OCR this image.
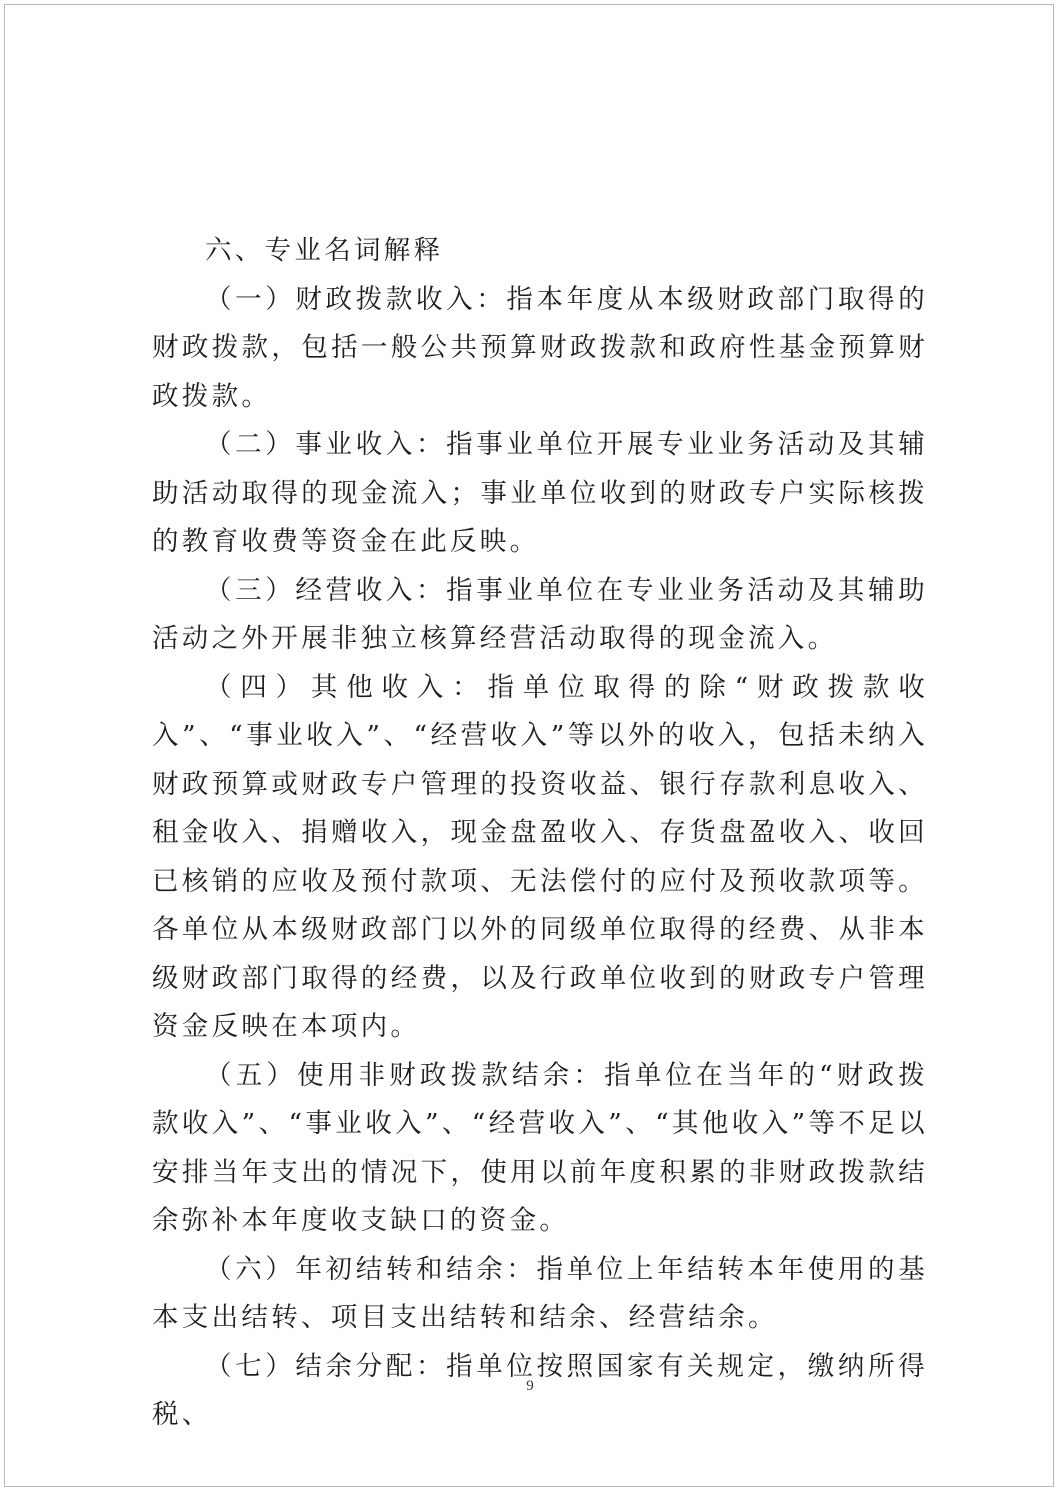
六、专业名词解释

（一）财政拨款收入：指本年度从本级财政部门取得的财政拨款，包括一般公共预算财政拨款和政府性基金预算财政拨款。

（二）事业收入：指事业单位开展专业业务活动及其辅助活动取得的现金流入；事业单位收到的财政专户实际核拨的教育收费等资金在此反映。

（三）经营收入：指事业单位在专业业务活动及其辅助活动之外开展非独立核算经营活动取得的现金流入。

（四）其他收入：指单位取得的除“财政拨款收入”、“事业收入”、“经营收入”等以外的收入，包括未纳入财政预算或财政专户管理的投资收益、银行存款利息收入、租金收入、捐赠收入，现金盘盈收入、存货盘盈收入、收回已核销的应收及预付款项、无法偿付的应付及预收款项等。各单位从本级财政部门以外的同级单位取得的经费、从非本级财政部门取得的经费，以及行政单位收到的财政专户管理资金反映在本项内。

（五）使用非财政拨款结余：指单位在当年的“财政拨款收入”、“事业收入”、“经营收入”、“其他收入”等不足以安排当年支出的情况下，使用以前年度积累的非财政拨款结余弥补本年度收支缺口的资金。

（六）年初结转和结余：指单位上年结转本年使用的基本支出结转、项目支出结转和结余、经营结余。

（七）结余分配：指单位按照国家有关规定，缴纳所得税、

9
